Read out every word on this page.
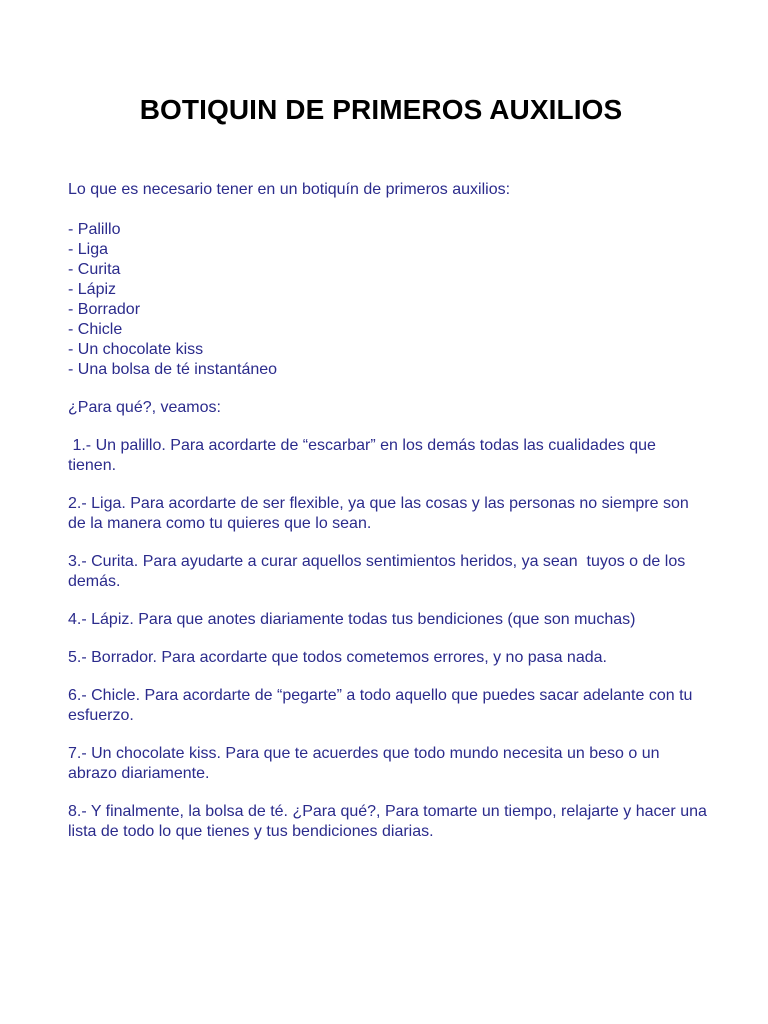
BOTIQUIN DE PRIMEROS AUXILIOS

Lo que es necesario tener en un botiquín de primeros auxilios:

- Palillo
- Liga
- Curita
- Lápiz
- Borrador
- Chicle
- Un chocolate kiss
- Una bolsa de té instantáneo

¿Para qué?, veamos:

1.- Un palillo. Para acordarte de “escarbar” en los demás todas las cualidades que tienen.

2.- Liga. Para acordarte de ser flexible, ya que las cosas y las personas no siempre son de la manera como tu quieres que lo sean.

3.- Curita. Para ayudarte a curar aquellos sentimientos heridos, ya sean  tuyos o de los demás.

4.- Lápiz. Para que anotes diariamente todas tus bendiciones (que son muchas)

5.- Borrador. Para acordarte que todos cometemos errores, y no pasa nada.

6.- Chicle. Para acordarte de “pegarte” a todo aquello que puedes sacar adelante con tu esfuerzo.

7.- Un chocolate kiss. Para que te acuerdes que todo mundo necesita un beso o un abrazo diariamente.

8.- Y finalmente, la bolsa de té. ¿Para qué?, Para tomarte un tiempo, relajarte y hacer una lista de todo lo que tienes y tus bendiciones diarias.
